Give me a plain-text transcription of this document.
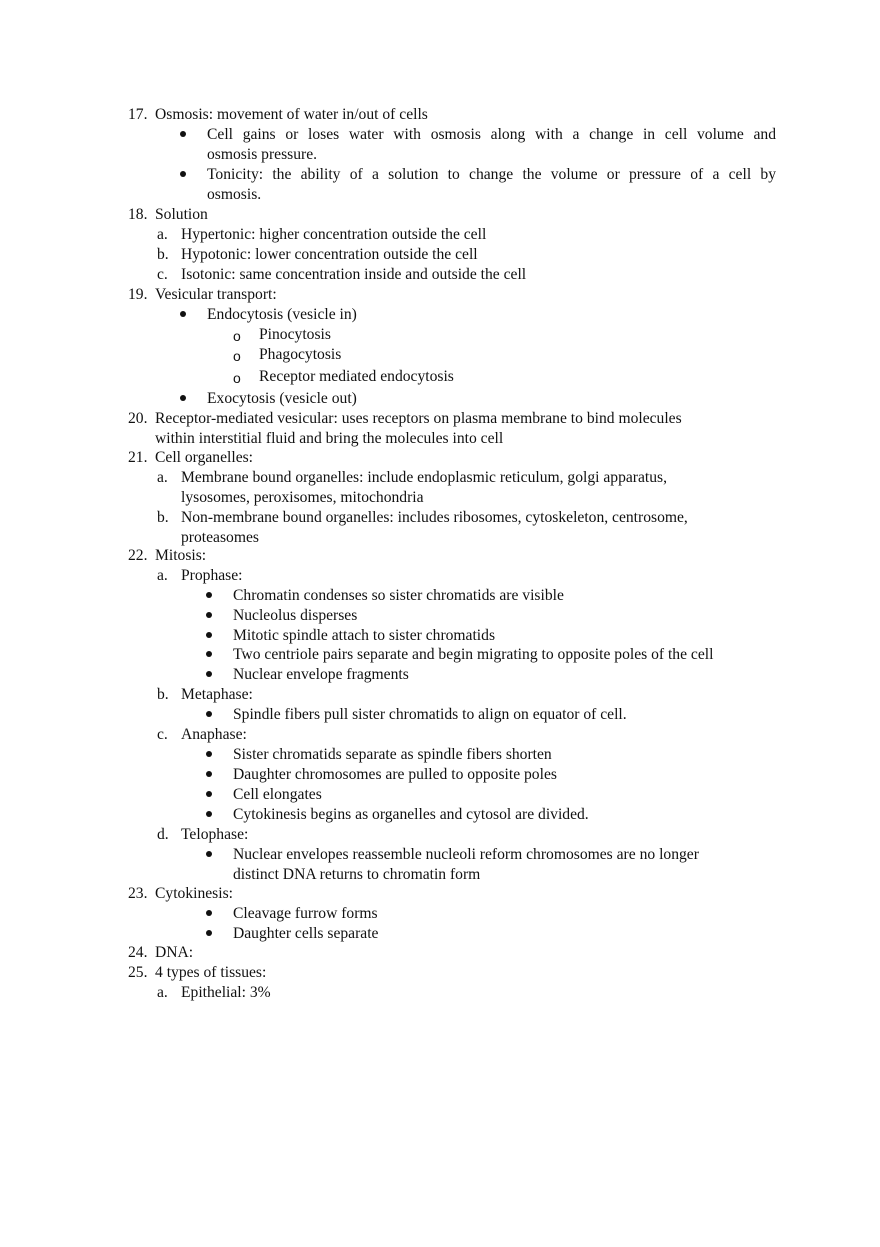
17. Osmosis: movement of water in/out of cells
Cell gains or loses water with osmosis along with a change in cell volume and
osmosis pressure.
Tonicity: the ability of a solution to change the volume or pressure of a cell by
osmosis.
18. Solution
a. Hypertonic: higher concentration outside the cell
b. Hypotonic: lower concentration outside the cell
c. Isotonic: same concentration inside and outside the cell
19. Vesicular transport:
Endocytosis (vesicle in)
o Pinocytosis
o Phagocytosis
o Receptor mediated endocytosis
Exocytosis (vesicle out)
20. Receptor-mediated vesicular: uses receptors on plasma membrane to bind molecules
within interstitial fluid and bring the molecules into cell
21. Cell organelles:
a. Membrane bound organelles: include endoplasmic reticulum, golgi apparatus,
lysosomes, peroxisomes, mitochondria
b. Non-membrane bound organelles: includes ribosomes, cytoskeleton, centrosome,
proteasomes
22. Mitosis:
a. Prophase:
Chromatin condenses so sister chromatids are visible
Nucleolus disperses
Mitotic spindle attach to sister chromatids
Two centriole pairs separate and begin migrating to opposite poles of the cell
Nuclear envelope fragments
b. Metaphase:
Spindle fibers pull sister chromatids to align on equator of cell.
c. Anaphase:
Sister chromatids separate as spindle fibers shorten
Daughter chromosomes are pulled to opposite poles
Cell elongates
Cytokinesis begins as organelles and cytosol are divided.
d. Telophase:
Nuclear envelopes reassemble nucleoli reform chromosomes are no longer
distinct DNA returns to chromatin form
23. Cytokinesis:
Cleavage furrow forms
Daughter cells separate
24. DNA:
25. 4 types of tissues:
a. Epithelial: 3%
